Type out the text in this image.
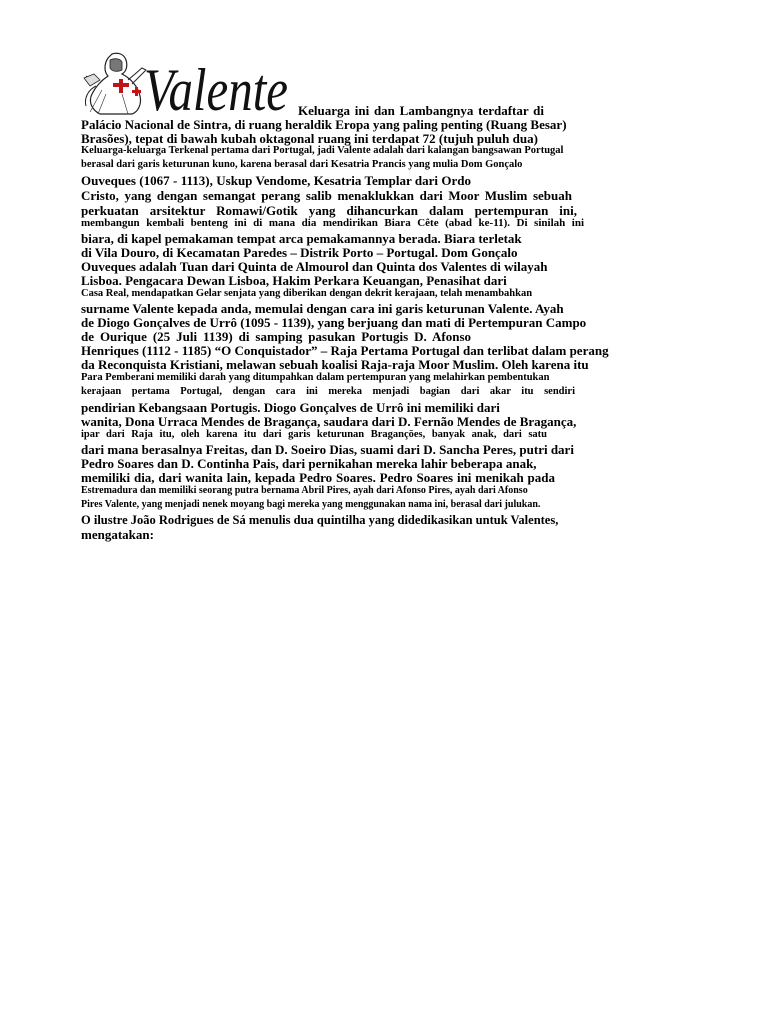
Valente Keluarga ini dan Lambangnya terdaftar di
Palácio Nacional de Sintra, di ruang heraldik Eropa yang paling penting (Ruang Besar)
Brasões), tepat di bawah kubah oktagonal ruang ini terdapat 72 (tujuh puluh dua)
Keluarga-keluarga Terkenal pertama dari Portugal, jadi Valente adalah dari kalangan bangsawan Portugal
berasal dari garis keturunan kuno, karena berasal dari Kesatria Prancis yang mulia Dom Gonçalo
Ouveques (1067 - 1113), Uskup Vendome, Kesatria Templar dari Ordo
Cristo, yang dengan semangat perang salib menaklukkan dari Moor Muslim sebuah
perkuatan arsitektur Romawi/Gotik yang dihancurkan dalam pertempuran ini,
membangun kembali benteng ini di mana dia mendirikan Biara Cête (abad ke-11). Di sinilah ini
biara, di kapel pemakaman tempat arca pemakamannya berada. Biara terletak
di Vila Douro, di Kecamatan Paredes – Distrik Porto – Portugal. Dom Gonçalo
Ouveques adalah Tuan dari Quinta de Almourol dan Quinta dos Valentes di wilayah
Lisboa. Pengacara Dewan Lisboa, Hakim Perkara Keuangan, Penasihat dari
Casa Real, mendapatkan Gelar senjata yang diberikan dengan dekrit kerajaan, telah menambahkan
surname Valente kepada anda, memulai dengan cara ini garis keturunan Valente. Ayah
de Diogo Gonçalves de Urrô (1095 - 1139), yang berjuang dan mati di Pertempuran Campo
de Ourique (25 Juli 1139) di samping pasukan Portugis D. Afonso
Henriques (1112 - 1185) “O Conquistador” – Raja Pertama Portugal dan terlibat dalam perang
da Reconquista Kristiani, melawan sebuah koalisi Raja-raja Moor Muslim. Oleh karena itu
Para Pemberani memiliki darah yang ditumpahkan dalam pertempuran yang melahirkan pembentukan
kerajaan pertama Portugal, dengan cara ini mereka menjadi bagian dari akar itu sendiri
pendirian Kebangsaan Portugis. Diogo Gonçalves de Urrô ini memiliki dari
wanita, Dona Urraca Mendes de Bragança, saudara dari D. Fernão Mendes de Bragança,
ipar dari Raja itu, oleh karena itu dari garis keturunan Bragançōes, banyak anak, dari satu
dari mana berasalnya Freitas, dan D. Soeiro Dias, suami dari D. Sancha Peres, putri dari
Pedro Soares dan D. Continha Pais, dari pernikahan mereka lahir beberapa anak,
memiliki dia, dari wanita lain, kepada Pedro Soares. Pedro Soares ini menikah pada
Estremadura dan memiliki seorang putra bernama Abril Pires, ayah dari Afonso Pires, ayah dari Afonso
Pires Valente, yang menjadi nenek moyang bagi mereka yang menggunakan nama ini, berasal dari julukan.
O ilustre João Rodrigues de Sá menulis dua quintilha yang didedikasikan untuk Valentes,
mengatakan:
